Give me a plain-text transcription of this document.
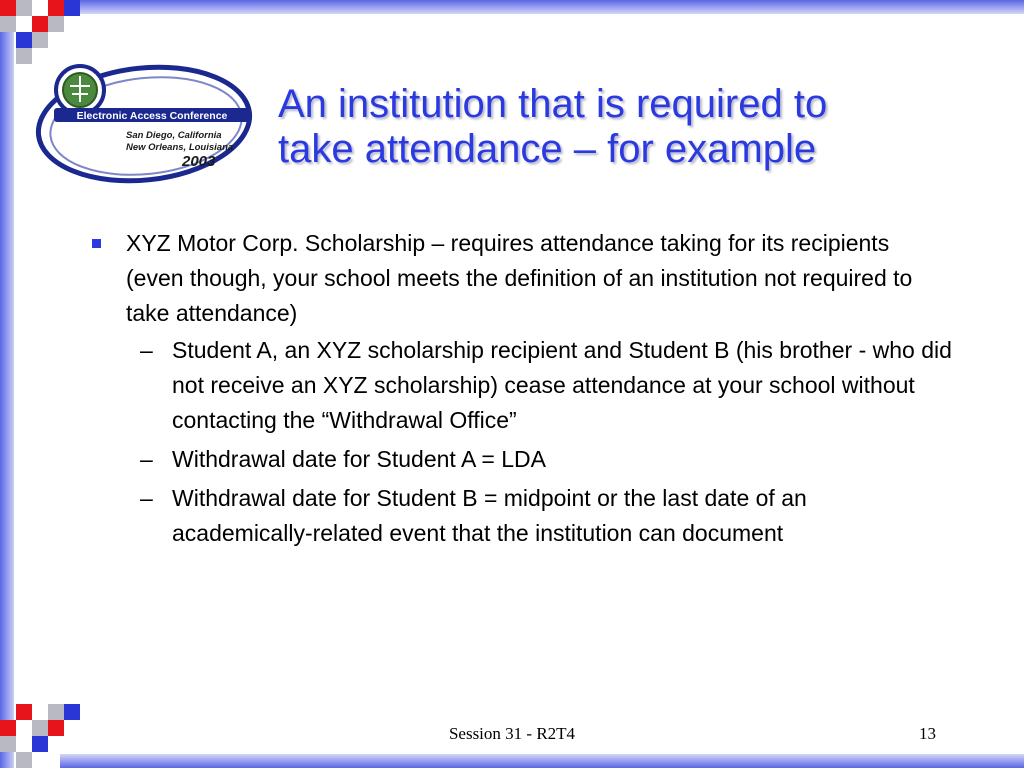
Electronic Access Conference
San Diego, California
New Orleans, Louisiana
2003
An institution that is required to
take attendance – for example
XYZ Motor Corp. Scholarship – requires attendance taking for its recipients (even though, your school meets the definition of an institution not required to take attendance)
– Student A, an XYZ scholarship recipient and Student B (his brother - who did not receive an XYZ scholarship) cease attendance at your school without contacting the “Withdrawal Office”
– Withdrawal date for Student A = LDA
– Withdrawal date for Student B = midpoint or the last date of an academically-related event that the institution can document
Session 31 - R2T4	13
